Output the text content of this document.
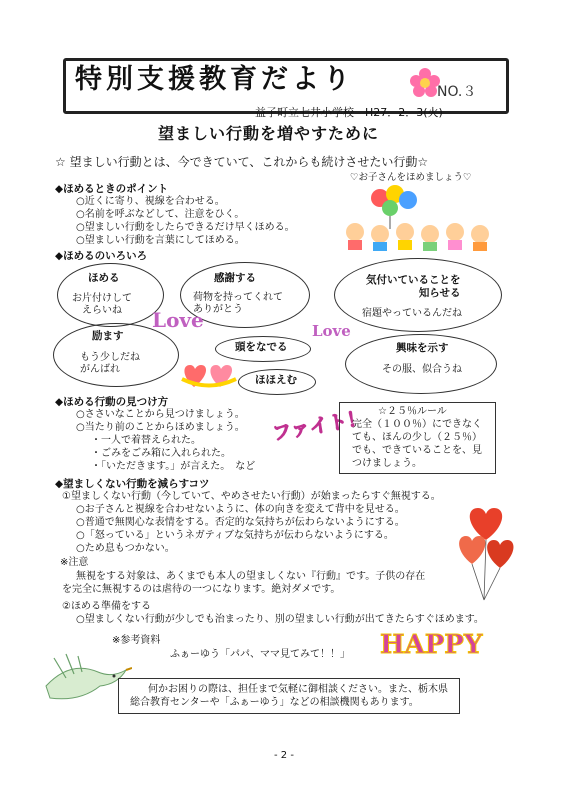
特別支援教育だより	NO.３
益子町立七井小学校　H27．2．3(火)
望ましい行動を増やすために
☆ 望ましい行動とは、今できていて、これからも続けさせたい行動☆
♡お子さんをほめましょう♡
◆ほめるときのポイント
○近くに寄り、視線を合わせる。
○名前を呼ぶなどして、注意をひく。
○望ましい行動をしたらできるだけ早くほめる。
○望ましい行動を言葉にしてほめる。
◆ほめるのいろいろ
ほめる
お片付けして
えらいね
感謝する
荷物を持ってくれて
ありがとう
気付いていることを
知らせる
宿題やっているんだね
Love	Love
励ます
もう少しだね
がんばれ
頭をなでる
ほほえむ
興味を示す
その服、似合うね
◆ほめる行動の見つけ方
○ささいなことから見つけましょう。
○当たり前のことからほめましょう。
・一人で着替えられた。
・ごみをごみ箱に入れられた。
・「いただきます。」が言えた。　など
ファイト！ ☆２５％ルール
完全（１００％）にできなく
ても、ほんの少し（２５％）
でも、できていることを、見
つけましょう。
◆望ましくない行動を減らすコツ
①望ましくない行動（今していて、やめさせたい行動）が始まったらすぐ無視する。
○お子さんと視線を合わせないように、体の向きを変えて背中を見せる。
○普通で無関心な表情をする。否定的な気持ちが伝わらないようにする。
○「怒っている」というネガティブな気持ちが伝わらないようにする。
○ため息もつかない。
※注意
無視をする対象は、あくまでも本人の望ましくない『行動』です。子供の存在
を完全に無視するのは虐待の一つになります。絶対ダメです。
②ほめる準備をする
○望ましくない行動が少しでも治まったり、別の望ましい行動が出てきたらすぐほめます。
※参考資料
ふぁーゆう「パパ、ママ見てみて！！」 HAPPY
何かお困りの際は、担任まで気軽に御相談ください。また、栃木県
総合教育センターや「ふぁーゆう」などの相談機関もあります。
- 2 -
